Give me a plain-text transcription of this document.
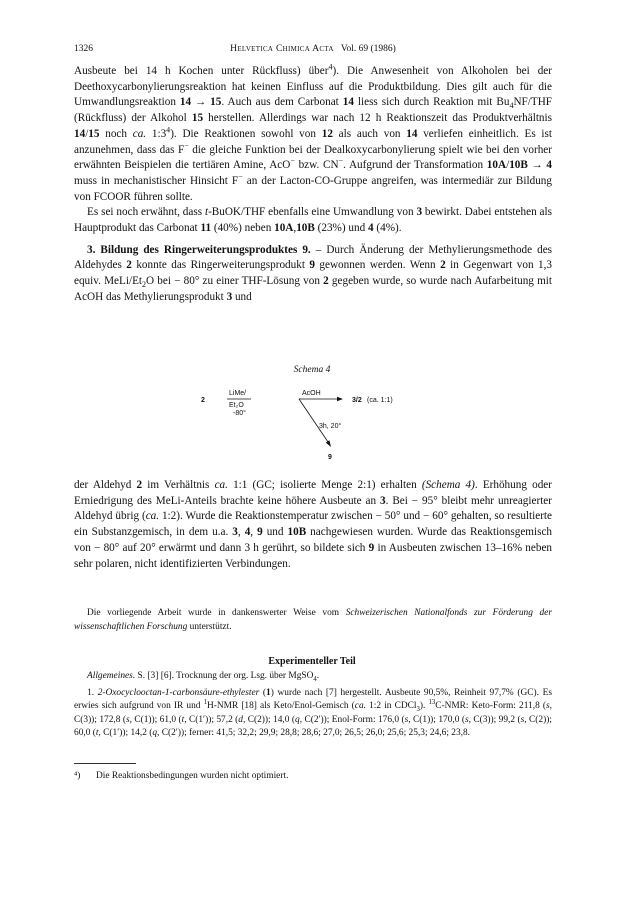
1326	Helvetica Chimica Acta Vol. 69 (1986)

Ausbeute bei 14 h Kochen unter Rückfluss) über$^4$). Die Anwesenheit von Alkoholen bei der Deethoxycarbonylierungsreaktion hat keinen Einfluss auf die Produktbildung. Dies gilt auch für die Umwandlungsreaktion 14 → 15. Auch aus dem Carbonat 14 liess sich durch Reaktion mit $Bu_4NF$/THF (Rückfluss) der Alkohol 15 herstellen. Allerdings war nach 12 h Reaktionszeit das Produktverhältnis 14/15 noch ca. $1:3^4$). Die Reaktionen sowohl von 12 als auch von 14 verliefen einheitlich. Es ist anzunehmen, dass das F− die gleiche Funktion bei der Dealkoxycarbonylierung spielt wie bei den vorher erwähnten Beispielen die tertiären Amine, AcO− bzw. CN−. Aufgrund der Transformation 10A/10B → 4 muss in mechanistischer Hinsicht F− an der Lacton-CO-Gruppe angreifen, was intermediär zur Bildung von FCOOR führen sollte.

Es sei noch erwähnt, dass t-BuOK/THF ebenfalls eine Umwandlung von 3 bewirkt. Dabei entstehen als Hauptprodukt das Carbonat 11 (40%) neben 10A,10B (23%) und 4 (4%).

3. Bildung des Ringerweiterungsproduktes 9. – Durch Änderung der Methylierungsmethode des Aldehydes 2 konnte das Ringerweiterungsprodukt 9 gewonnen werden. Wenn 2 in Gegenwart von 1,3 equiv. MeLi/$Et_2O$ bei − 80° zu einer THF-Lösung von 2 gegeben wurde, so wurde nach Aufarbeitung mit AcOH das Methylierungsprodukt 3 und

Schema 4
2
LiMe/
Et₂O
-80°
AcOH
3/2 (ca. 1:1)
3h, 20°
9

der Aldehyd 2 im Verhältnis ca. 1:1 (GC; isolierte Menge 2:1) erhalten (Schema 4). Erhöhung oder Erniedrigung des MeLi-Anteils brachte keine höhere Ausbeute an 3. Bei − 95° bleibt mehr unreagierter Aldehyd übrig (ca. 1:2). Wurde die Reaktionstemperatur zwischen − 50° und − 60° gehalten, so resultierte ein Substanzgemisch, in dem u.a. 3, 4, 9 und 10B nachgewiesen wurden. Wurde das Reaktionsgemisch von − 80° auf 20° erwärmt und dann 3 h gerührt, so bildete sich 9 in Ausbeuten zwischen 13–16% neben sehr polaren, nicht identifizierten Verbindungen.

Die vorliegende Arbeit wurde in dankenswerter Weise vom Schweizerischen Nationalfonds zur Förderung der wissenschaftlichen Forschung unterstützt.

Experimenteller Teil

Allgemeines. S. [3] [6]. Trocknung der org. Lsg. über MgSO$_4$.

1. 2-Oxocyclooctan-1-carbonsäure-ethylester (1) wurde nach [7] hergestellt. Ausbeute 90,5%, Reinheit 97,7% (GC). Es erwies sich aufgrund von IR und $^1$H-NMR [18] als Keto/Enol-Gemisch (ca. 1:2 in CDCl$_3$). $^{13}$C-NMR: Keto-Form: 211,8 (s, C(3)); 172,8 (s, C(1)); 61,0 (t, C(1′)); 57,2 (d, C(2)); 14,0 (q, C(2′)); Enol-Form: 176,0 (s, C(1)); 170,0 (s, C(3)); 99,2 (s, C(2)); 60,0 (t, C(1′)); 14,2 (q, C(2′)); ferner: 41,5; 32,2; 29,9; 28,8; 28,6; 27,0; 26,5; 26,0; 25,6; 25,3; 24,6; 23,8.

⁴) Die Reaktionsbedingungen wurden nicht optimiert.
